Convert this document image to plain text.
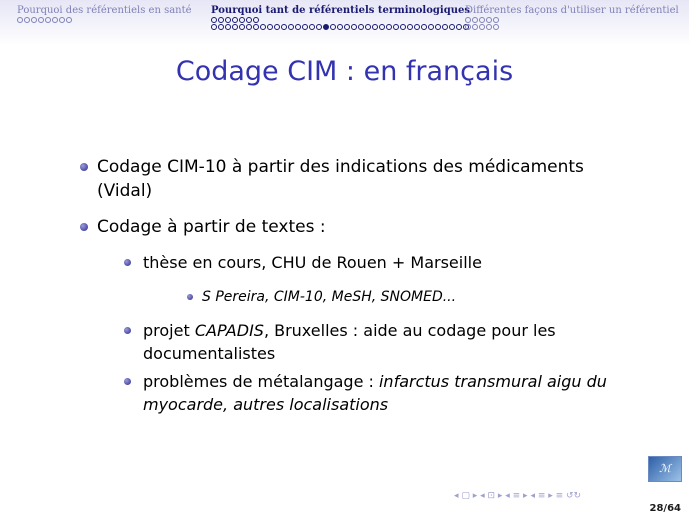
Pourquoi des référentiels en santé Pourquoi tant de référentiels terminologiques
Différentes façons d'utiliser un référentiel
Codage CIM : en français
Codage CIM-10 à partir des indications des médicaments
(Vidal)
Codage à partir de textes :
thèse en cours, CHU de Rouen + Marseille
S Pereira, CIM-10, MeSH, SNOMED...
projet CAPADIS, Bruxelles : aide au codage pour les
documentalistes
problèmes de métalangage : infarctus transmural aigu du
myocarde, autres localisations
ℳ
◂ ▢ ▸ ◂ ⊡ ▸ ◂ ≡ ▸ ◂ ≡ ▸ ≡ ↺↻
28/64
